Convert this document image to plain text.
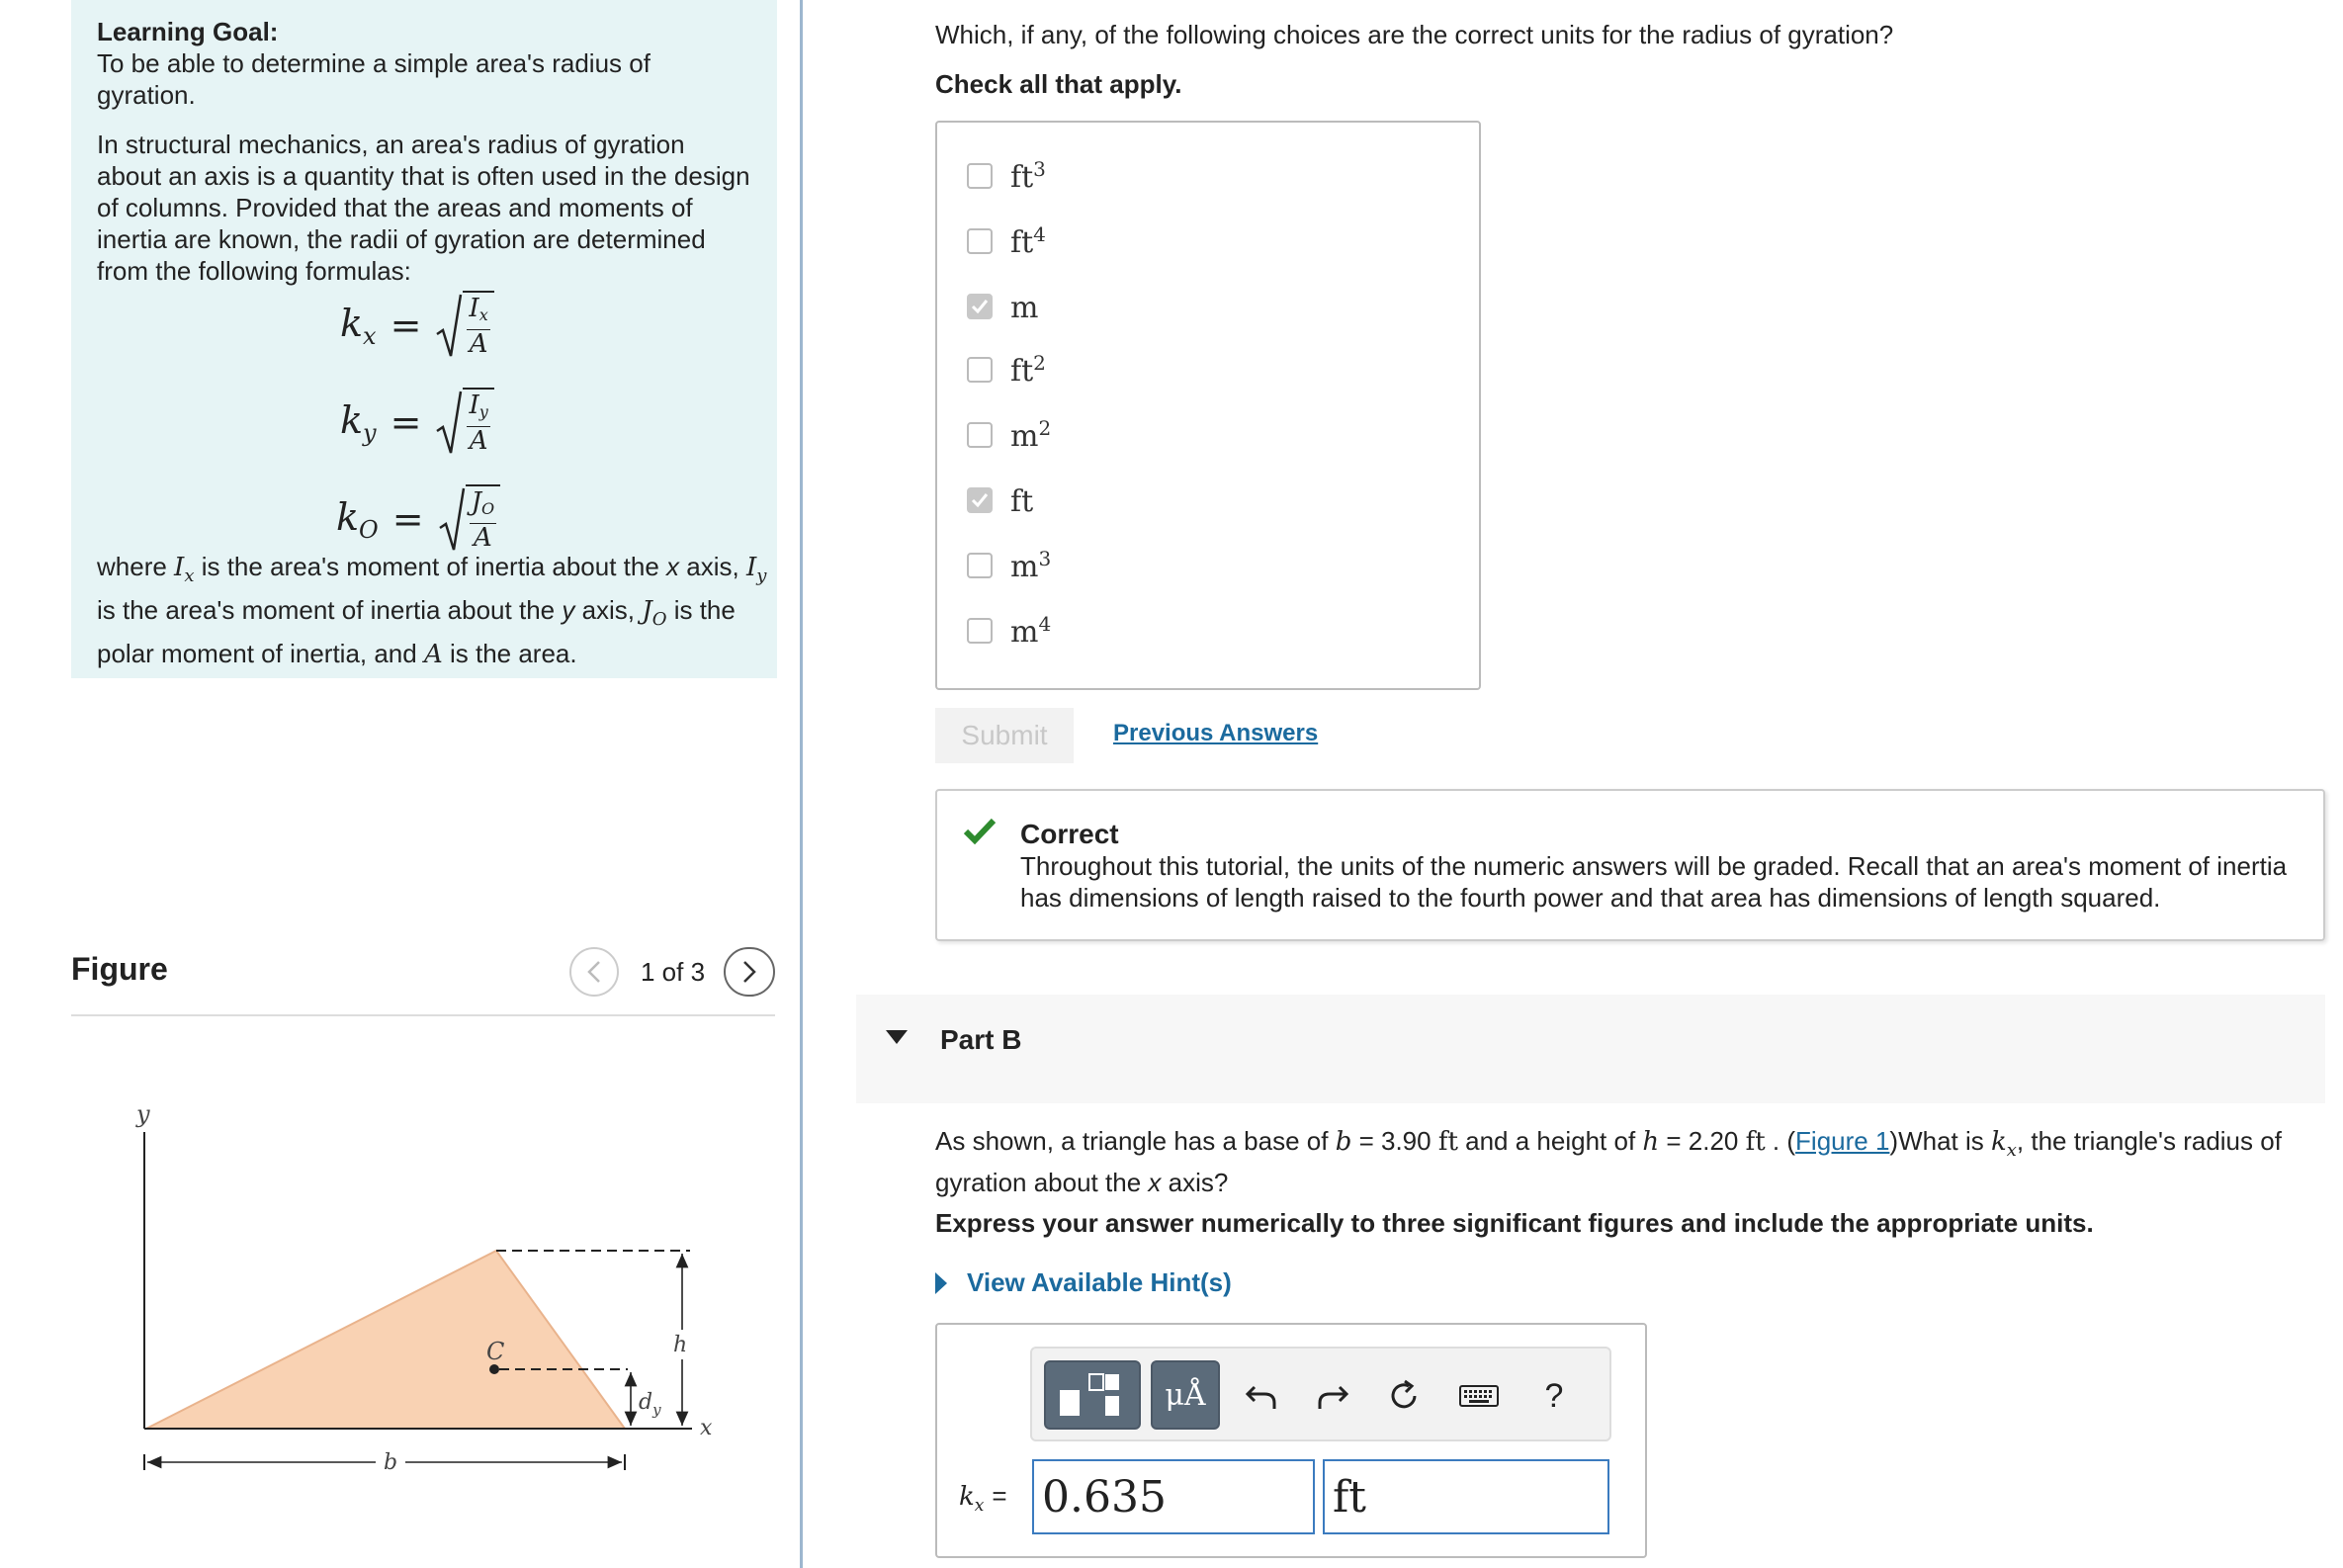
Learning Goal:
To be able to determine a simple area's radius of gyration.
In structural mechanics, an area's radius of gyration about an axis is a quantity that is often used in the design of columns. Provided that the areas and moments of inertia are known, the radii of gyration are determined from the following formulas:
$k_x = I_x$
A
$k_y = I_y$
A
$k_O = J_O$
A
where $I_x$ is the area's moment of inertia about the x axis, $I_y$ is the area's moment of inertia about the y axis, $J_O$ is the polar moment of inertia, and A is the area.
Figure	1 of 3
y
x
C
$d_y$
h
b
Which, if any, of the following choices are the correct units for the radius of gyration?
Check all that apply.
$ft^3$
$ft^4$
m
$ft^2$
$m^2$
ft
$m^3$
$m^4$
Submit	Previous Answers
Correct
Throughout this tutorial, the units of the numeric answers will be graded. Recall that an area's moment of inertia has dimensions of length raised to the fourth power and that area has dimensions of length squared.
Part B
As shown, a triangle has a base of b = 3.90 ft and a height of h = 2.20 ft . (Figure 1)What is $k_x$, the triangle's radius of gyration about the x axis?
Express your answer numerically to three significant figures and include the appropriate units.
View Available Hint(s)
μÅ	?
$k_x$ =
0.635
ft
